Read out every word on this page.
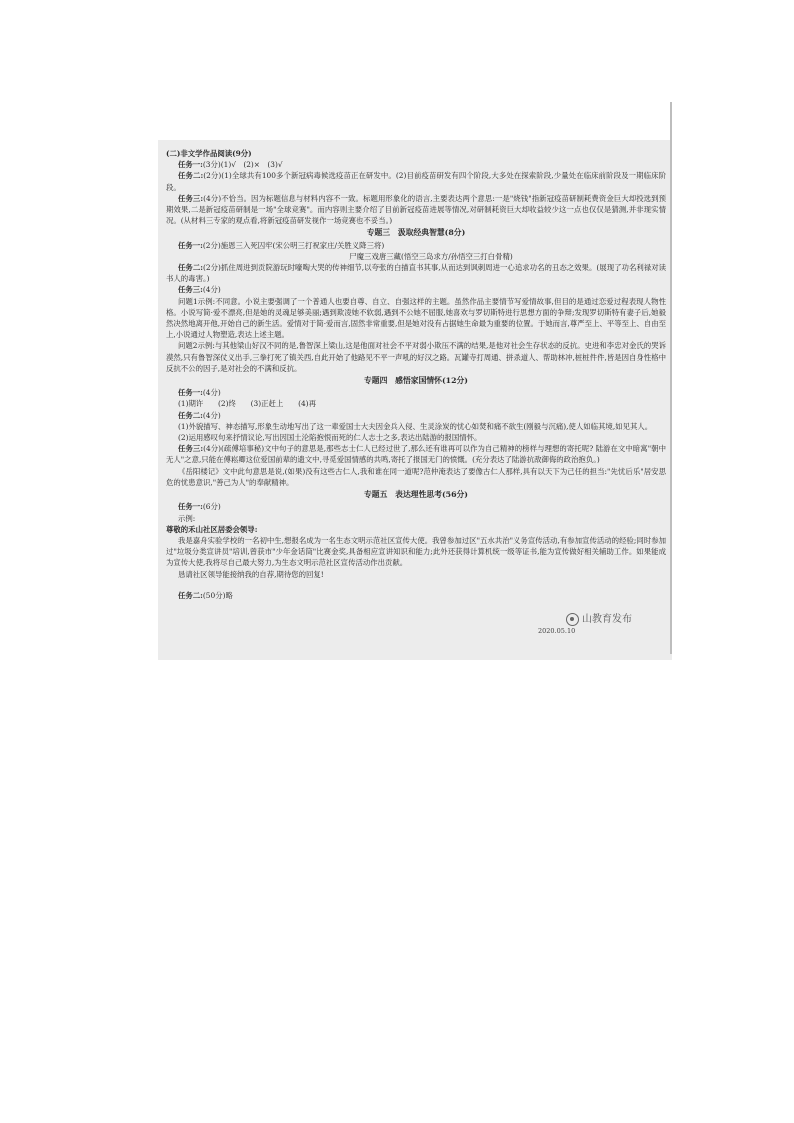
(二)非文学作品阅读(9分)

任务一:(3分)(1)√　(2)×　(3)√

任务二:(2分)(1)全球共有100多个新冠病毒候选疫苗正在研发中。(2)目前疫苗研发有四个阶段,大多处在探索阶段,少量处在临床前阶段及一期临床阶段。

任务三:(4分)不恰当。因为标题信息与材料内容不一致。标题用形象化的语言,主要表达两个意思:一是"烧钱"指新冠疫苗研制耗费资金巨大却投选到预期效果,二是新冠疫苗研制是一场"全球竞赛"。而内容则主要介绍了目前新冠疫苗进展等情况,对研制耗资巨大却收益较少这一点也仅仅是猜测,并非现实情况。(从材料三专家的观点看,将新冠疫苗研发视作一场竞赛也不妥当。)

专题三　汲取经典智慧(8分)

任务一:(2分)施恩三入死囚牢(宋公明三打祝家庄/关胜义降三将)

尸魔三戏唐三藏(悟空三岛求方/孙悟空三打白骨精)

任务二:(2分)抓住周进到贡院游玩时嚎啕大哭的传神细节,以夸张的白描直书其事,从而达到讽刺周进一心追求功名的丑态之效果。(展现了功名利禄对读书人的毒害。)

任务三:(4分)

问题1示例:不同意。小说主要强调了一个普通人也要自尊、自立、自强这样的主题。虽然作品主要情节写爱情故事,但目的是通过恋爱过程表现人物性格。小说写简·爱不漂亮,但是她的灵魂足够美丽;遇到欺凌她不软弱,遇到不公她不屈服,她喜欢与罗切斯特进行思想方面的争辩;发现罗切斯特有妻子后,她毅然决然地离开他,开始自己的新生活。爱情对于简·爱而言,固然非常重要,但是她对没有占据她生命最为重要的位置。于她而言,尊严至上、平等至上、自由至上,小说通过人物塑造,表达上述主题。

问题2示例:与其他梁山好汉不同的是,鲁智深上梁山,这是他面对社会不平对弱小欺压不满的结果,是他对社会生存状态的反抗。史进和李忠对金氏的哭诉漠然,只有鲁智深仗义出手,三拳打死了镇关西,自此开始了他路见不平一声吼的好汉之路。瓦罐寺打周通、拼杀道人、帮助林冲,桩桩件件,皆是因自身性格中反抗不公的因子,是对社会的不满和反抗。

专题四　感悟家国情怀(12分)

任务一:(4分)

(1)期许　　(2)终　　(3)正赶上　　(4)再

任务二:(4分)

(1)外貌描写、神态描写,形象生动地写出了这一辈爱国士大夫因金兵入侵、生灵涂炭的忧心如焚和痛不欲生(刚毅与沉痛),使人如临其境,如见其人。

(2)运用感叹句来抒情议论,写出因国土沦陷抱恨而死的仁人志士之多,表达出陆游的报国情怀。

任务三:(4分)(疏傅培事秘)文中句子的意思是,那些志士仁人已经过世了,那么还有谁再可以作为自己精神的榜样与理想的寄托呢? 陆游在文中暗寓"朝中无人"之意,只能在傅崧卿这位爱国前辈的遗文中,寻觅爱国情感的共鸣,寄托了报国无门的愤慨。(充分表达了陆游抗敌御侮的政治抱负。)

《岳阳楼记》文中此句意思是说,(如果)没有这些古仁人,我和谁在同一道呢?范仲淹表达了要像古仁人那样,具有以天下为己任的担当:"先忧后乐"居安思危的忧患意识,"善己为人"的奉献精神。

专题五　表达理性思考(56分)

任务一:(6分)

示例:

尊敬的禾山社区居委会领导:

我是嘉舟实验学校的一名初中生,想报名成为一名生态文明示范社区宣传大使。我曾参加过区"五水共治"义务宣传活动,有参加宣传活动的经验;同时参加过"垃圾分类宣讲员"培训,曾获市"少年金话筒"比赛金奖,具备相应宣讲知识和能力;此外还获得计算机统一级等证书,能为宣传做好相关辅助工作。如果能成为宣传大使,我将尽自己最大努力,为生态文明示范社区宣传活动作出贡献。

恳请社区领导能接纳我的自荐,期待您的回复!

任务二:(50分)略

2020.05.10
山教育发布
